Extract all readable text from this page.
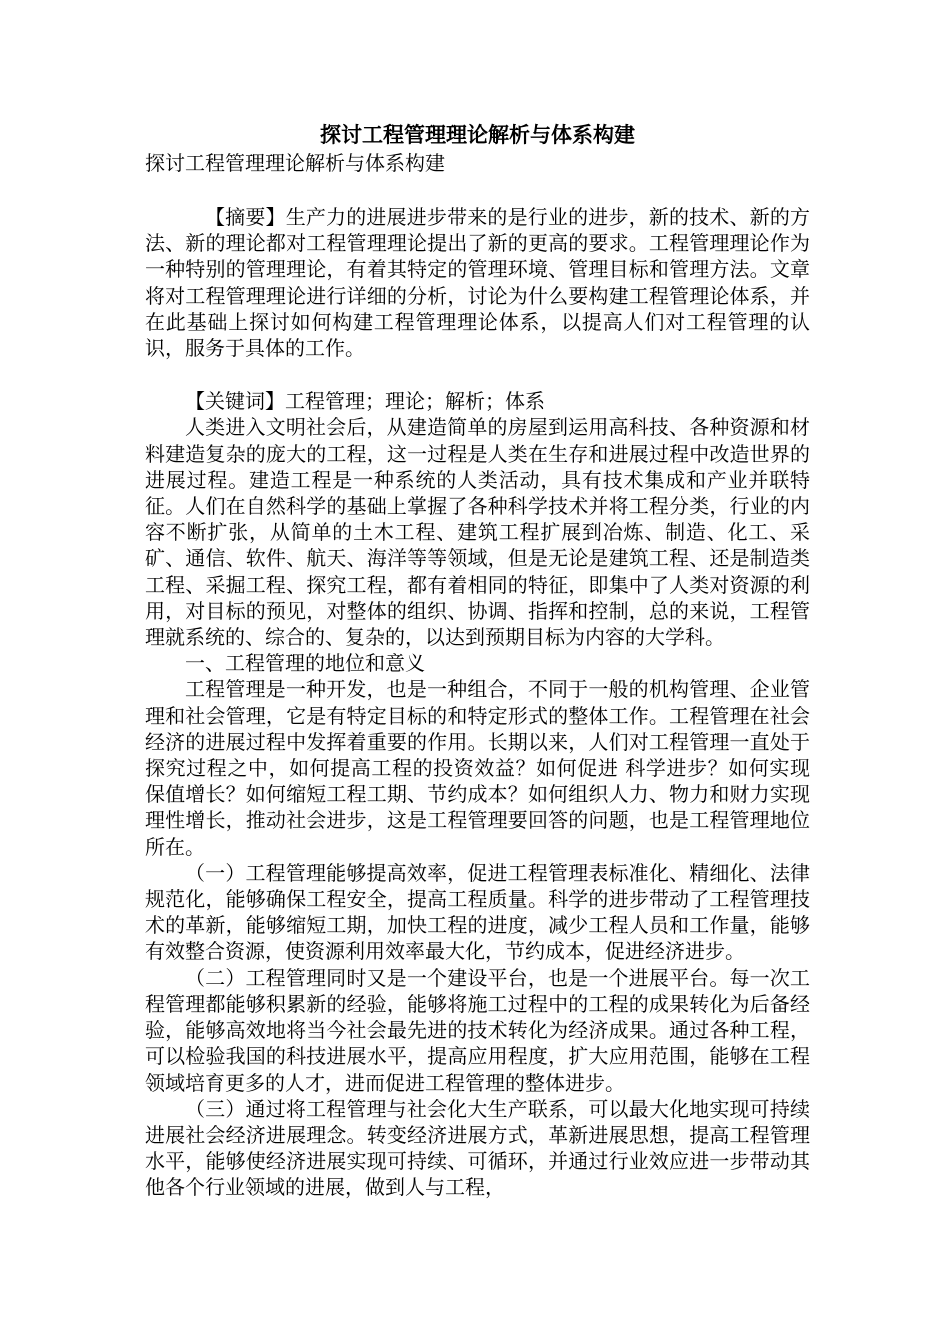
探讨工程管理理论解析与体系构建

探讨工程管理理论解析与体系构建

【摘要】生产力的进展进步带来的是行业的进步，新的技术、新的方法、新的理论都对工程管理理论提出了新的更高的要求。工程管理理论作为一种特别的管理理论，有着其特定的管理环境、管理目标和管理方法。文章将对工程管理理论进行详细的分析，讨论为什么要构建工程管理论体系，并在此基础上探讨如何构建工程管理理论体系，以提高人们对工程管理的认识，服务于具体的工作。

【关键词】工程管理；理论；解析；体系

人类进入文明社会后，从建造简单的房屋到运用高科技、各种资源和材料建造复杂的庞大的工程，这一过程是人类在生存和进展过程中改造世界的进展过程。建造工程是一种系统的人类活动，具有技术集成和产业并联特征。人们在自然科学的基础上掌握了各种科学技术并将工程分类，行业的内容不断扩张，从简单的土木工程、建筑工程扩展到冶炼、制造、化工、采矿、通信、软件、航天、海洋等等领域，但是无论是建筑工程、还是制造类工程、采掘工程、探究工程，都有着相同的特征，即集中了人类对资源的利用，对目标的预见，对整体的组织、协调、指挥和控制，总的来说，工程管理就系统的、综合的、复杂的，以达到预期目标为内容的大学科。

一、工程管理的地位和意义

工程管理是一种开发，也是一种组合，不同于一般的机构管理、企业管理和社会管理，它是有特定目标的和特定形式的整体工作。工程管理在社会经济的进展过程中发挥着重要的作用。长期以来，人们对工程管理一直处于探究过程之中，如何提高工程的投资效益？如何促进 科学进步？如何实现保值增长？如何缩短工程工期、节约成本？如何组织人力、物力和财力实现理性增长，推动社会进步，这是工程管理要回答的问题，也是工程管理地位所在。

（一）工程管理能够提高效率，促进工程管理表标准化、精细化、法律规范化，能够确保工程安全，提高工程质量。科学的进步带动了工程管理技术的革新，能够缩短工期，加快工程的进度，减少工程人员和工作量，能够有效整合资源，使资源利用效率最大化，节约成本，促进经济进步。

（二）工程管理同时又是一个建设平台，也是一个进展平台。每一次工程管理都能够积累新的经验，能够将施工过程中的工程的成果转化为后备经验，能够高效地将当今社会最先进的技术转化为经济成果。通过各种工程，可以检验我国的科技进展水平，提高应用程度，扩大应用范围，能够在工程领域培育更多的人才，进而促进工程管理的整体进步。

（三）通过将工程管理与社会化大生产联系，可以最大化地实现可持续进展社会经济进展理念。转变经济进展方式，革新进展思想，提高工程管理水平，能够使经济进展实现可持续、可循环，并通过行业效应进一步带动其他各个行业领域的进展，做到人与工程，
